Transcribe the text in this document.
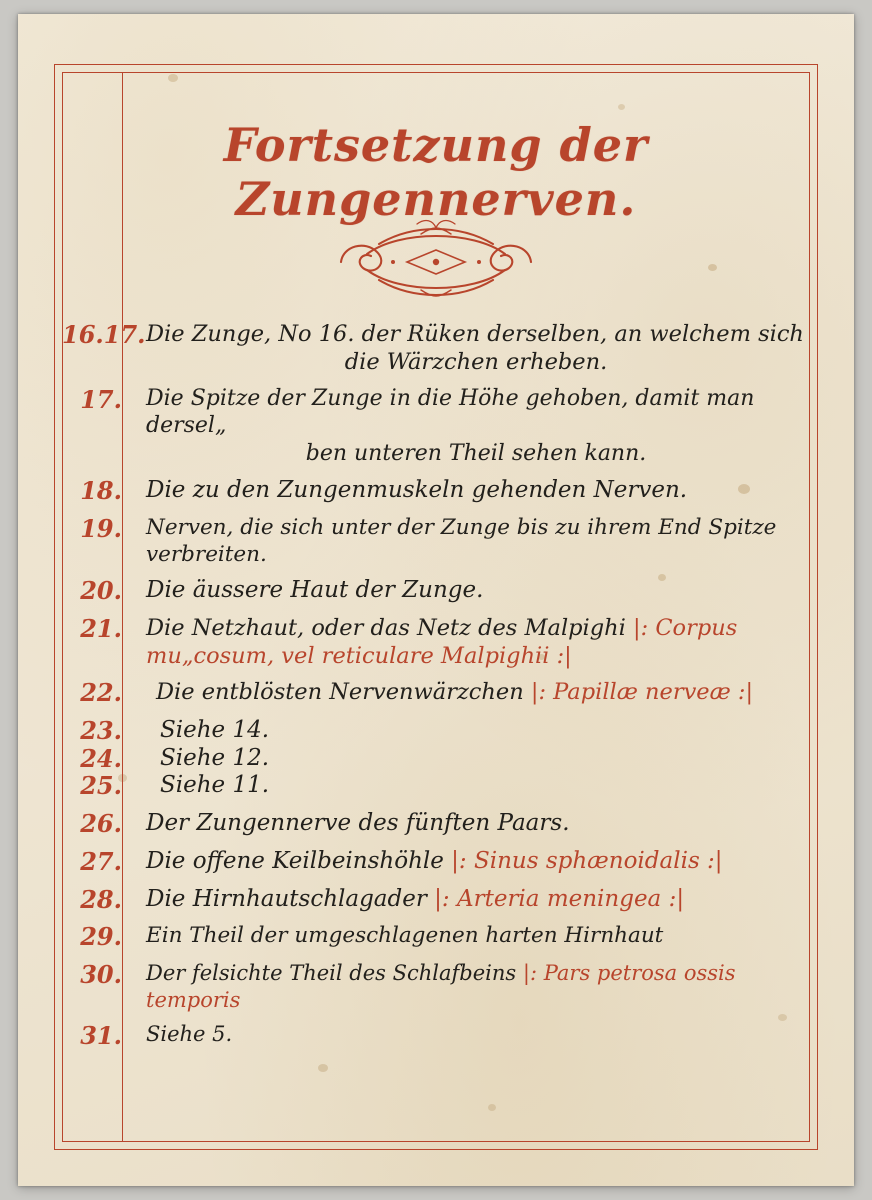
Fortsetzung der Zungennerven.
16.17. Die Zunge, No 16. der Rüken derselben, an welchem sich
die Wärzchen erheben.
17.	Die Spitze der Zunge in die Höhe gehoben, damit man dersel„
ben unteren Theil sehen kann.
18.	Die zu den Zungenmuskeln gehenden Nerven.
19.	Nerven, die sich unter der Zunge bis zu ihrem End Spitze verbreiten.
20.	Die äussere Haut der Zunge.
21.	Die Netzhaut, oder das Netz des Malpighi |: Corpus mu„cosum, vel reticulare Malpighii :|
22.	Die entblösten Nervenwärzchen |: Papillæ nerveæ :|
23.	Siehe 14.
24.	Siehe 12.
25.	Siehe 11.
26.	Der Zungennerve des fünften Paars.
27.	Die offene Keilbeinshöhle |: Sinus sphænoidalis :|
28.	Die Hirnhautschlagader |: Arteria meningea :|
29.	Ein Theil der umgeschlagenen harten Hirnhaut
30.	Der felsichte Theil des Schlafbeins |: Pars petrosa ossis temporis
31.	Siehe 5.
